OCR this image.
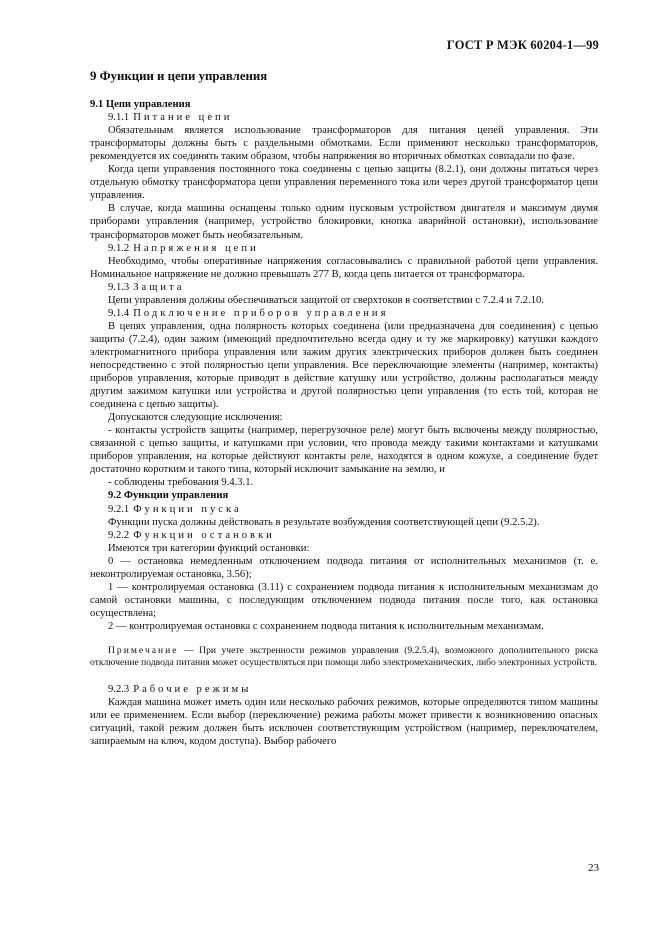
ГОСТ Р МЭК 60204-1—99
9 Функции и цепи управления
9.1 Цепи управления
9.1.1 Питание цепи

Обязательным является использование трансформаторов для питания цепей управления. Эти трансформаторы должны быть с раздельными обмотками. Если применяют несколько трансформаторов, рекомендуется их соединять таким образом, чтобы напряжения во вторичных обмотках совпадали по фазе.

Когда цепи управления постоянного тока соединены с цепью защиты (8.2.1), они должны питаться через отдельную обмотку трансформатора цепи управления переменного тока или через другой трансформатор цепи управления.

В случае, когда машины оснащены только одним пусковым устройством двигателя и максимум двумя приборами управления (например, устройство блокировки, кнопка аварийной остановки), использование трансформаторов может быть необязательным.

9.1.2 Напряжения цепи

Необходимо, чтобы оперативные напряжения согласовывались с правильной работой цепи управления. Номинальное напряжение не должно превышать 277 В, когда цепь питается от трансформатора.

9.1.3 Защита

Цепи управления должны обеспечиваться защитой от сверхтоков в соответствии с 7.2.4 и 7.2.10.

9.1.4 Подключение приборов управления

В цепях управления, одна полярность которых соединена (или предназначена для соединения) с цепью защиты (7.2.4), один зажим (имеющий предпочтительно всегда одну и ту же маркировку) катушки каждого электромагнитного прибора управления или зажим других электрических приборов должен быть соединен непосредственно с этой полярностью цепи управления. Все переключающие элементы (например, контакты) приборов управления, которые приводят в действие катушку или устройство, должны располагаться между другим зажимом катушки или устройства и другой полярностью цепи управления (то есть той, которая не соединена с цепью защиты).

Допускаются следующие исключения:

- контакты устройств защиты (например, перегрузочное реле) могут быть включены между полярностью, связанной с цепью защиты, и катушками при условии, что провода между такими контактами и катушками приборов управления, на которые действуют контакты реле, находятся в одном кожухе, а соединение будет достаточно коротким и такого типа, который исключит замыкание на землю, и

- соблюдены требования 9.4.3.1.

9.2 Функции управления
9.2.1 Функции пуска

Функции пуска должны действовать в результате возбуждения соответствующей цепи (9.2.5.2).

9.2.2 Функции остановки

Имеются три категории функций остановки:

0 — остановка немедленным отключением подвода питания от исполнительных механизмов (т. е. неконтролируемая остановка, 3.56);

1 — контролируемая остановка (3.11) с сохранением подвода питания к исполнительным механизмам до самой остановки машины, с последующим отключением подвода питания после того, как остановка осуществлена;

2 — контролируемая остановка с сохранением подвода питания к исполнительным механизмам.

Примечание — При учете экстренности режимов управления (9.2.5.4), возможного дополнительного риска отключение подвода питания может осуществляться при помощи либо электромеханических, либо электронных устройств.
9.2.3 Рабочие режимы

Каждая машина может иметь один или несколько рабочих режимов, которые определяются типом машины или ее применением. Если выбор (переключение) режима работы может привести к возникновению опасных ситуаций, такой режим должен быть исключен соответствующим устройством (например, переключателем, запираемым на ключ, кодом доступа). Выбор рабочего

23
